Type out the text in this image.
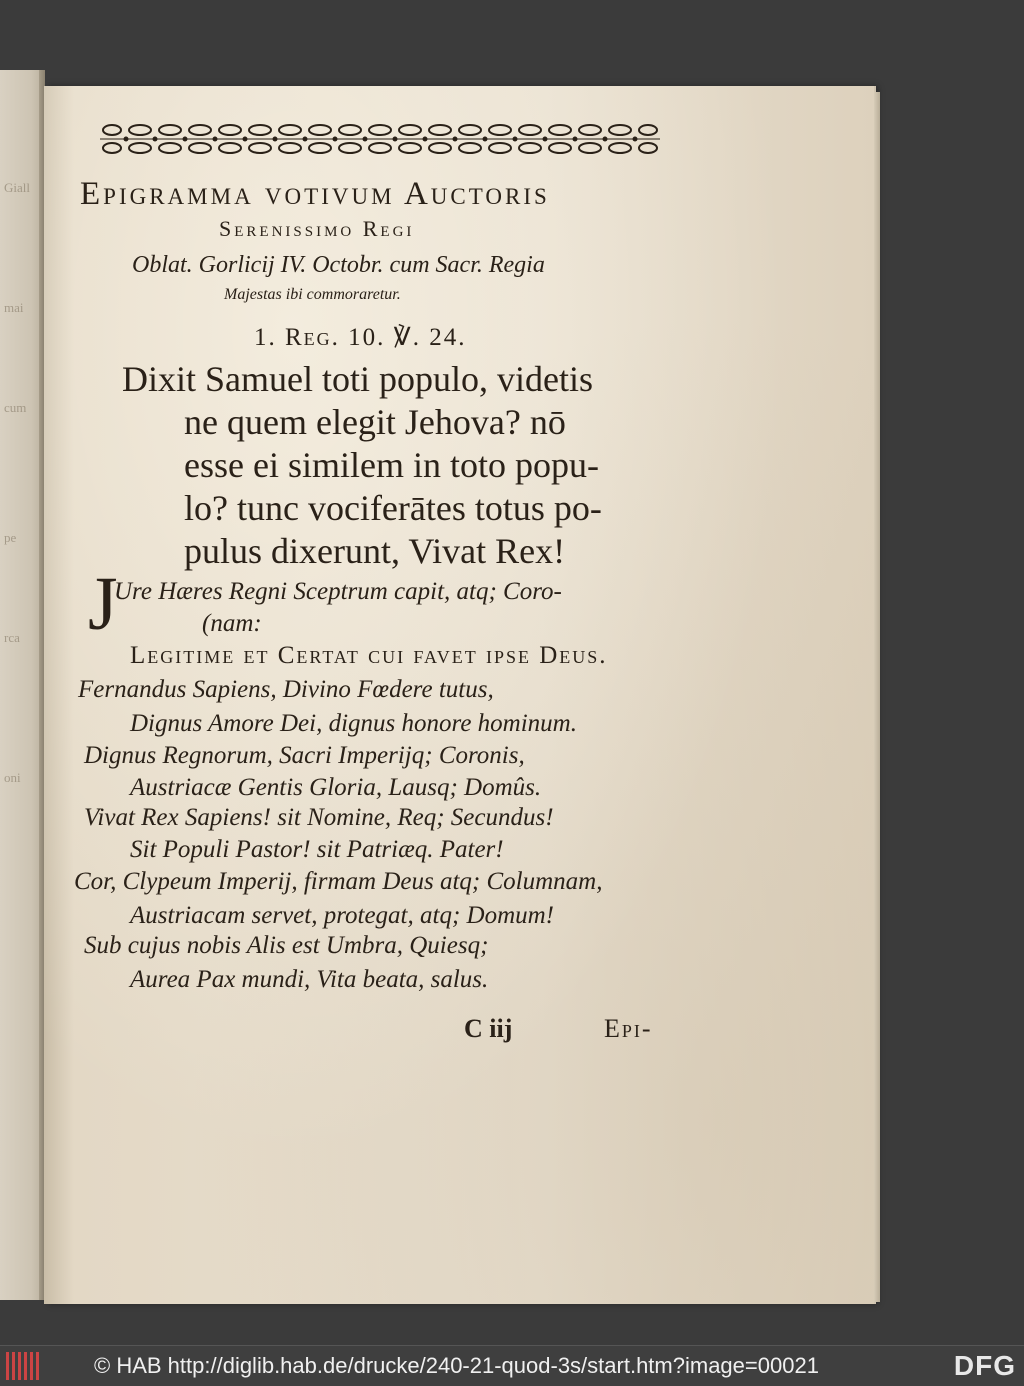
Giall
mai
cum
pe
rca
oni
Epigramma votivum Auctoris
Serenissimo Regi
Oblat. Gorlicij IV. Octobr. cum Sacr. Regia
Majestas ibi commoraretur.
1. Reg. 10. ℣. 24.
Dixit Samuel toti populo, videtis
ne quem elegit Jehova? nō
esse ei similem in toto popu-
lo? tunc vociferātes totus po-
pulus dixerunt, Vivat Rex!
J
Ure Hæres Regni Sceptrum capit, atq; Coro-
(nam:
Legitime et Certat cui favet ipse Deus.
Fernandus Sapiens, Divino Fœdere tutus,
Dignus Amore Dei, dignus honore hominum.
Dignus Regnorum, Sacri Imperijq; Coronis,
Austriacæ Gentis Gloria, Lausq; Domûs.
Vivat Rex Sapiens! sit Nomine, Req; Secundus!
Sit Populi Pastor! sit Patriæq. Pater!
Cor, Clypeum Imperij, firmam Deus atq; Columnam,
Austriacam servet, protegat, atq; Domum!
Sub cujus nobis Alis est Umbra, Quiesq;
Aurea Pax mundi, Vita beata, salus.
C iij	Epi-
© HAB http://diglib.hab.de/drucke/240-21-quod-3s/start.htm?image=00021	DFG
